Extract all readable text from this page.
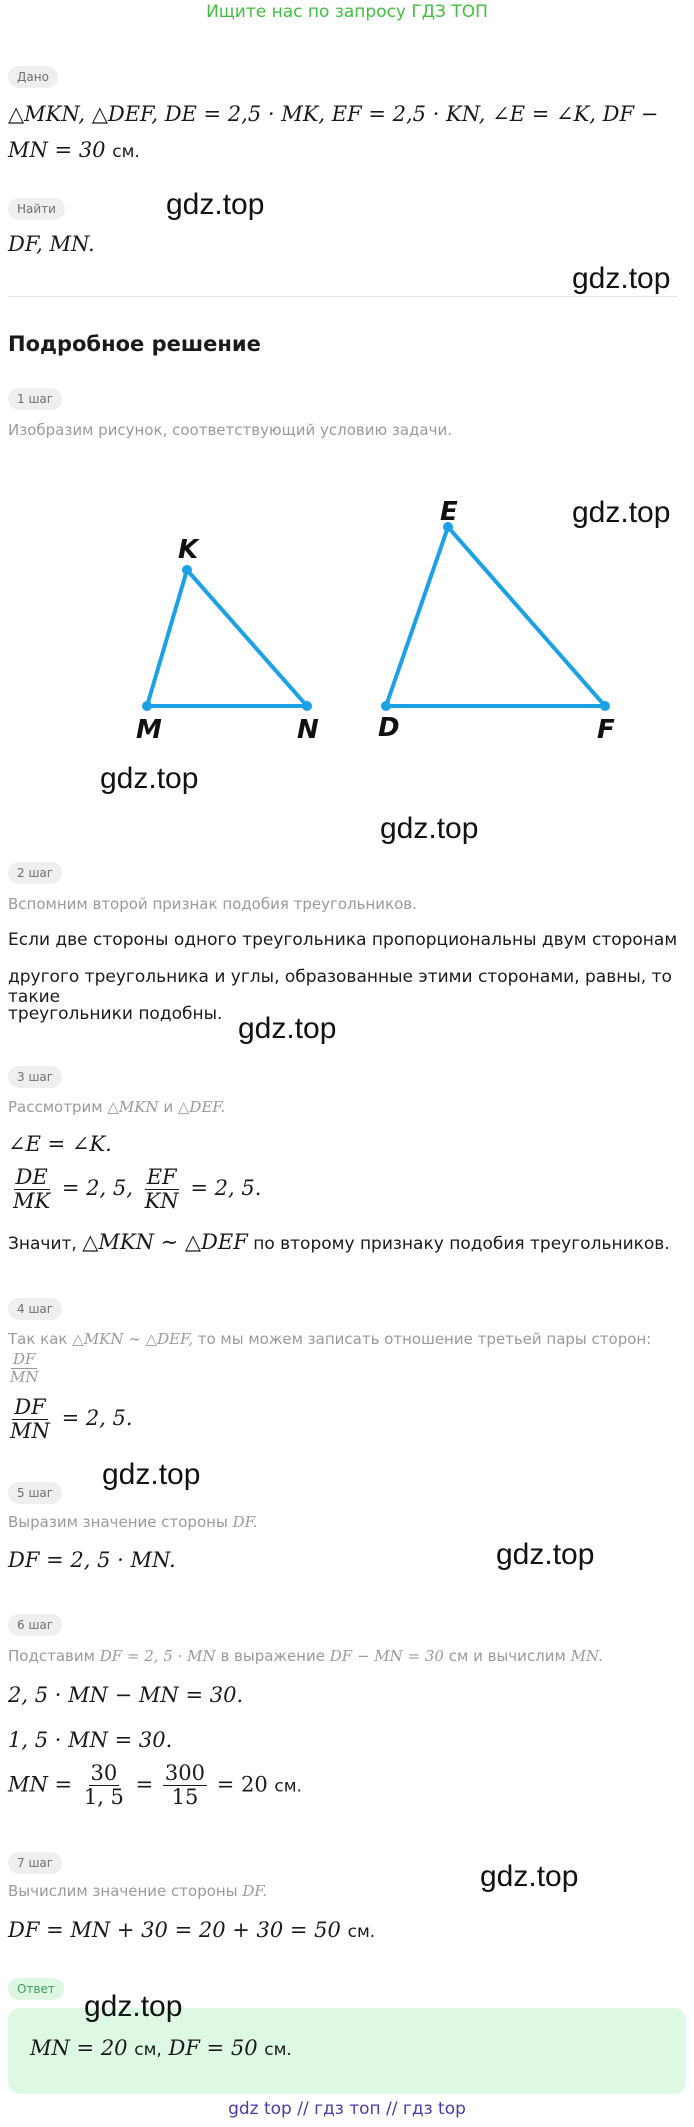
Ищите нас по запросу ГДЗ ТОП
Дано
△MKN, △DEF, DE = 2,5 · MK, EF = 2,5 · KN, ∠E = ∠K, DF −
MN = 30 см.
Найти	gdz.top
DF, MN.
gdz.top
Подробное решение
1 шаг
Изобразим рисунок, соответствующий условию задачи.
K
M	N
E
D	F
gdz.top
gdz.top
gdz.top
2 шаг
Вспомним второй признак подобия треугольников.
Если две стороны одного треугольника пропорциональны двум сторонам
другого треугольника и углы, образованные этими сторонами, равны, то такие
треугольники подобны. gdz.top
3 шаг
Рассмотрим △MKN и △DEF.
∠E = ∠K.
$\frac{DE}{MK} = 2$, 5, $\frac{EF}{KN} = 2$, 5.
Значит, △MKN ∼ △DEF по второму признаку подобия треугольников.
4 шаг
Так как △MKN ∼ △DEF, то мы можем записать отношение третьей пары сторон:
$\frac{DF}{MN}$
$\frac{DF}{MN} = 2$, 5.
gdz.top
5 шаг
Выразим значение стороны DF.
DF = 2, 5 · MN.	gdz.top
6 шаг
Подставим DF = 2, 5 · MN в выражение DF − MN = 30 см и вычислим MN.
2, 5 · MN − MN = 30.
1, 5 · MN = 30.
MN = $\frac{30}{1, 5} = \frac{300}{15} = 20$ см.
gdz.top
7 шаг
Вычислим значение стороны DF.
DF = MN + 30 = 20 + 30 = 50 см.
Ответ
gdz.top
MN = 20 см, DF = 50 см.
gdz top // гдз топ // гдз top
